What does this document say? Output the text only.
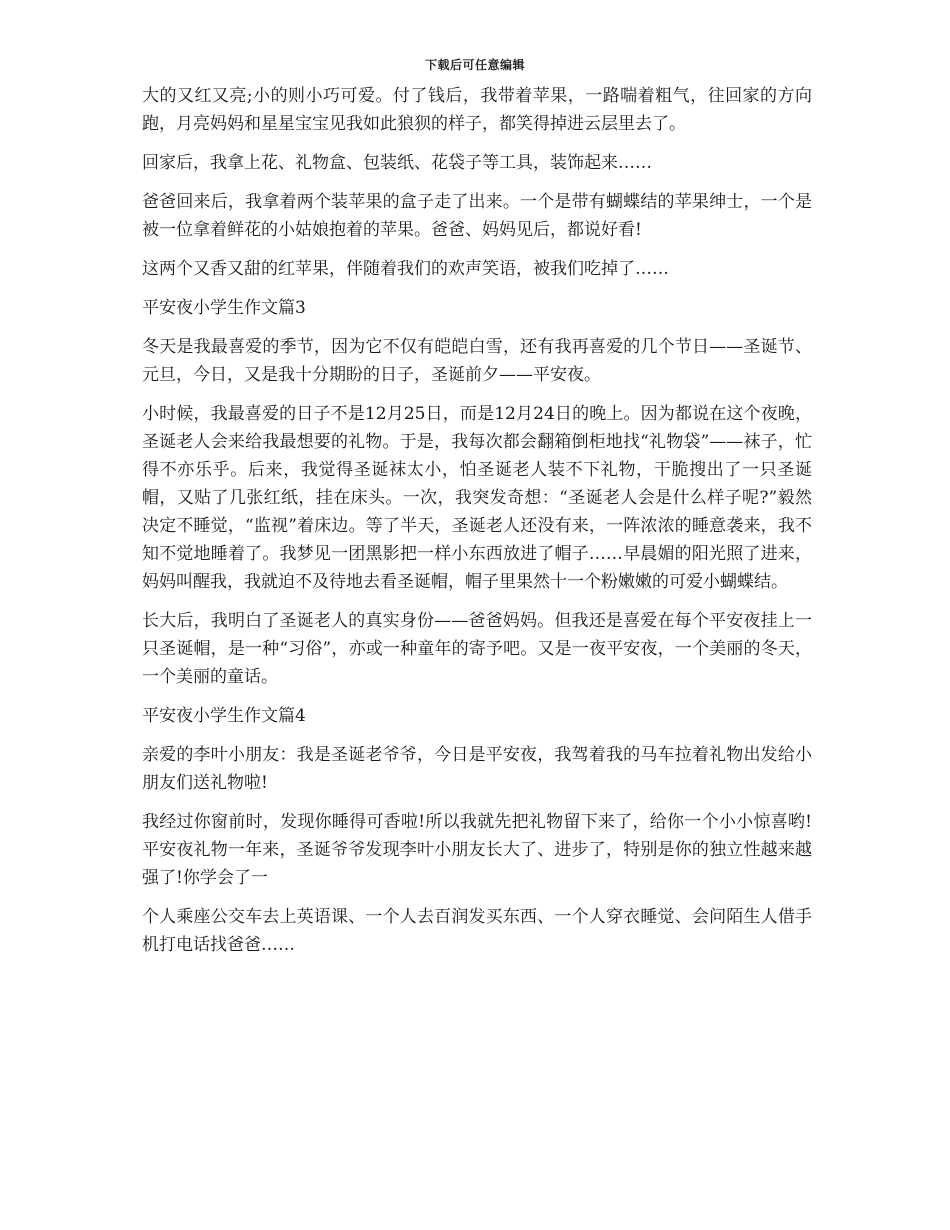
下载后可任意编辑

大的又红又亮;小的则小巧可爱。付了钱后，我带着苹果，一路喘着粗气，往回家的方向跑，月亮妈妈和星星宝宝见我如此狼狈的样子，都笑得掉进云层里去了。

回家后，我拿上花、礼物盒、包装纸、花袋子等工具，装饰起来……

爸爸回来后，我拿着两个装苹果的盒子走了出来。一个是带有蝴蝶结的苹果绅士，一个是被一位拿着鲜花的小姑娘抱着的苹果。爸爸、妈妈见后，都说好看!

这两个又香又甜的红苹果，伴随着我们的欢声笑语，被我们吃掉了……

平安夜小学生作文篇3

冬天是我最喜爱的季节，因为它不仅有皑皑白雪，还有我再喜爱的几个节日——圣诞节、元旦，今日，又是我十分期盼的日子，圣诞前夕——平安夜。

小时候，我最喜爱的日子不是12月25日，而是12月24日的晚上。因为都说在这个夜晚，圣诞老人会来给我最想要的礼物。于是，我每次都会翻箱倒柜地找“礼物袋”——袜子，忙得不亦乐乎。后来，我觉得圣诞袜太小，怕圣诞老人装不下礼物，干脆搜出了一只圣诞帽，又贴了几张红纸，挂在床头。一次，我突发奇想：“圣诞老人会是什么样子呢?”毅然决定不睡觉，“监视”着床边。等了半天，圣诞老人还没有来，一阵浓浓的睡意袭来，我不知不觉地睡着了。我梦见一团黑影把一样小东西放进了帽子……早晨媚的阳光照了进来，妈妈叫醒我，我就迫不及待地去看圣诞帽，帽子里果然十一个粉嫩嫩的可爱小蝴蝶结。

长大后，我明白了圣诞老人的真实身份——爸爸妈妈。但我还是喜爱在每个平安夜挂上一只圣诞帽，是一种“习俗”，亦或一种童年的寄予吧。又是一夜平安夜，一个美丽的冬天，一个美丽的童话。

平安夜小学生作文篇4

亲爱的李叶小朋友：我是圣诞老爷爷，今日是平安夜，我驾着我的马车拉着礼物出发给小朋友们送礼物啦!

我经过你窗前时，发现你睡得可香啦!所以我就先把礼物留下来了，给你一个小小惊喜哟!平安夜礼物一年来，圣诞爷爷发现李叶小朋友长大了、进步了，特别是你的独立性越来越强了!你学会了一

个人乘座公交车去上英语课、一个人去百润发买东西、一个人穿衣睡觉、会问陌生人借手机打电话找爸爸……
